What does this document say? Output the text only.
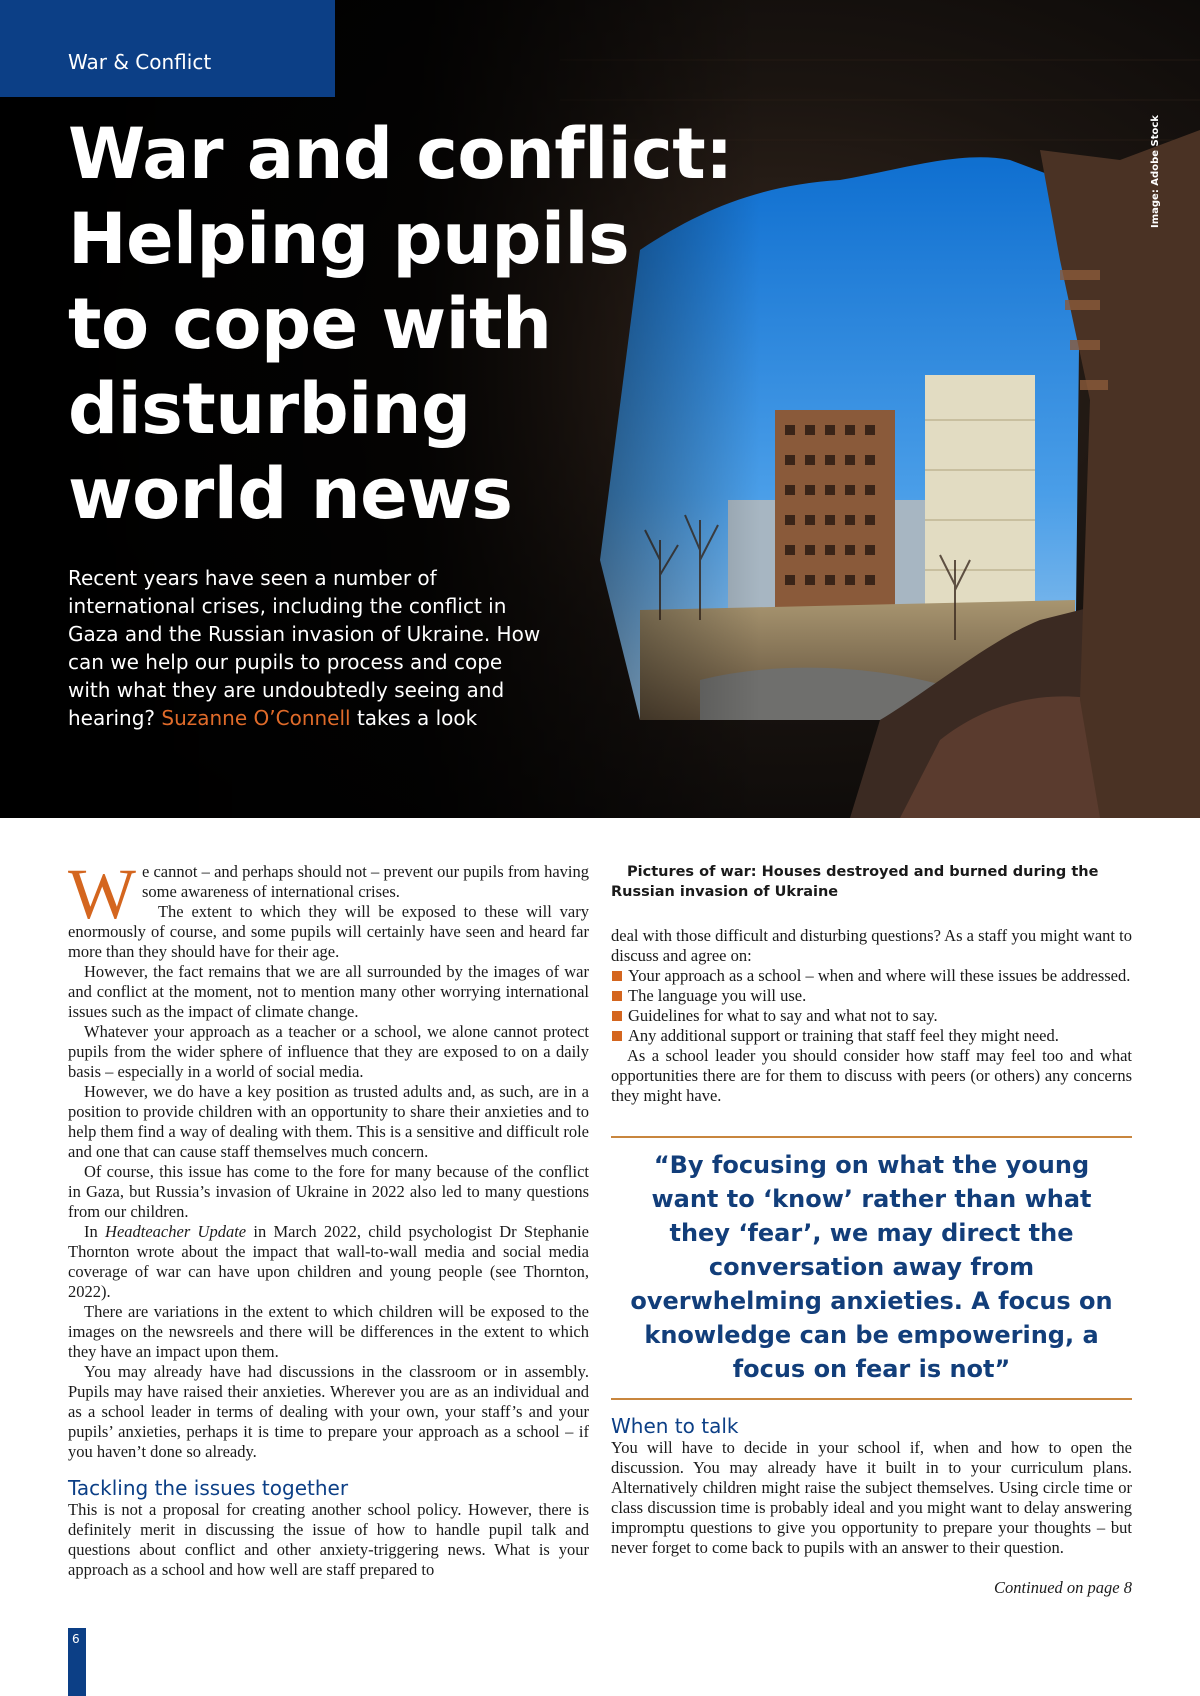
War & Conflict
War and conflict:
Helping pupils
to cope with
disturbing
world news

Recent years have seen a number of international crises, including the conflict in Gaza and the Russian invasion of Ukraine. How can we help our pupils to process and cope with what they are undoubtedly seeing and hearing? Suzanne O’Connell takes a look

Image: Adobe Stock

We cannot – and perhaps should not – prevent our pupils from having some awareness of international crises.

The extent to which they will be exposed to these will vary enormously of course, and some pupils will certainly have seen and heard far more than they should have for their age.

However, the fact remains that we are all surrounded by the images of war and conflict at the moment, not to mention many other worrying international issues such as the impact of climate change.

Whatever your approach as a teacher or a school, we alone cannot protect pupils from the wider sphere of influence that they are exposed to on a daily basis – especially in a world of social media.

However, we do have a key position as trusted adults and, as such, are in a position to provide children with an opportunity to share their anxieties and to help them find a way of dealing with them. This is a sensitive and difficult role and one that can cause staff themselves much concern.

Of course, this issue has come to the fore for many because of the conflict in Gaza, but Russia’s invasion of Ukraine in 2022 also led to many questions from our children.

In Headteacher Update in March 2022, child psychologist Dr Stephanie Thornton wrote about the impact that wall-to-wall media and social media coverage of war can have upon children and young people (see Thornton, 2022).

There are variations in the extent to which children will be exposed to the images on the newsreels and there will be differences in the extent to which they have an impact upon them.

You may already have had discussions in the classroom or in assembly. Pupils may have raised their anxieties. Wherever you are as an individual and as a school leader in terms of dealing with your own, your staff’s and your pupils’ anxieties, perhaps it is time to prepare your approach as a school – if you haven’t done so already.

Tackling the issues together

This is not a proposal for creating another school policy. However, there is definitely merit in discussing the issue of how to handle pupil talk and questions about conflict and other anxiety-triggering news. What is your approach as a school and how well are staff prepared to

Pictures of war: Houses destroyed and burned during the Russian invasion of Ukraine

deal with those difficult and disturbing questions? As a staff you might want to discuss and agree on:

Your approach as a school – when and where will these issues be addressed.
The language you will use.
Guidelines for what to say and what not to say.
Any additional support or training that staff feel they might need.

As a school leader you should consider how staff may feel too and what opportunities there are for them to discuss with peers (or others) any concerns they might have.

“By focusing on what the young want to ‘know’ rather than what they ‘fear’, we may direct the conversation away from overwhelming anxieties. A focus on knowledge can be empowering, a focus on fear is not”
When to talk

You will have to decide in your school if, when and how to open the discussion. You may already have it built in to your curriculum plans. Alternatively children might raise the subject themselves. Using circle time or class discussion time is probably ideal and you might want to delay answering impromptu questions to give you opportunity to prepare your thoughts – but never forget to come back to pupils with an answer to their question.

Continued on page 8

6
